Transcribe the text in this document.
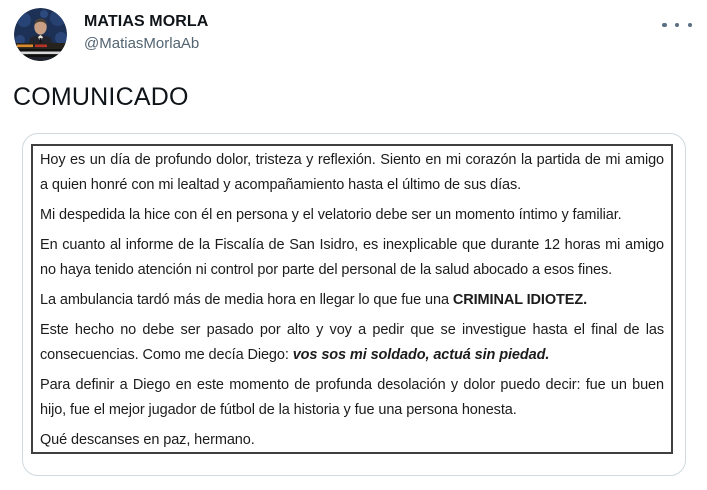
MATIAS MORLA
@MatiasMorlaAb
COMUNICADO

Hoy es un día de profundo dolor, tristeza y reflexión. Siento en mi corazón la partida de mi amigo a quien honré con mi lealtad y acompañamiento hasta el último de sus días.

Mi despedida la hice con él en persona y el velatorio debe ser un momento íntimo y familiar.

En cuanto al informe de la Fiscalía de San Isidro, es inexplicable que durante 12 horas mi amigo no haya tenido atención ni control por parte del personal de la salud abocado a esos fines.

La ambulancia tardó más de media hora en llegar lo que fue una CRIMINAL IDIOTEZ.

Este hecho no debe ser pasado por alto y voy a pedir que se investigue hasta el final de las consecuencias. Como me decía Diego: vos sos mi soldado, actuá sin piedad.

Para definir a Diego en este momento de profunda desolación y dolor puedo decir: fue un buen hijo, fue el mejor jugador de fútbol de la historia y fue una persona honesta.

Qué descanses en paz, hermano.
